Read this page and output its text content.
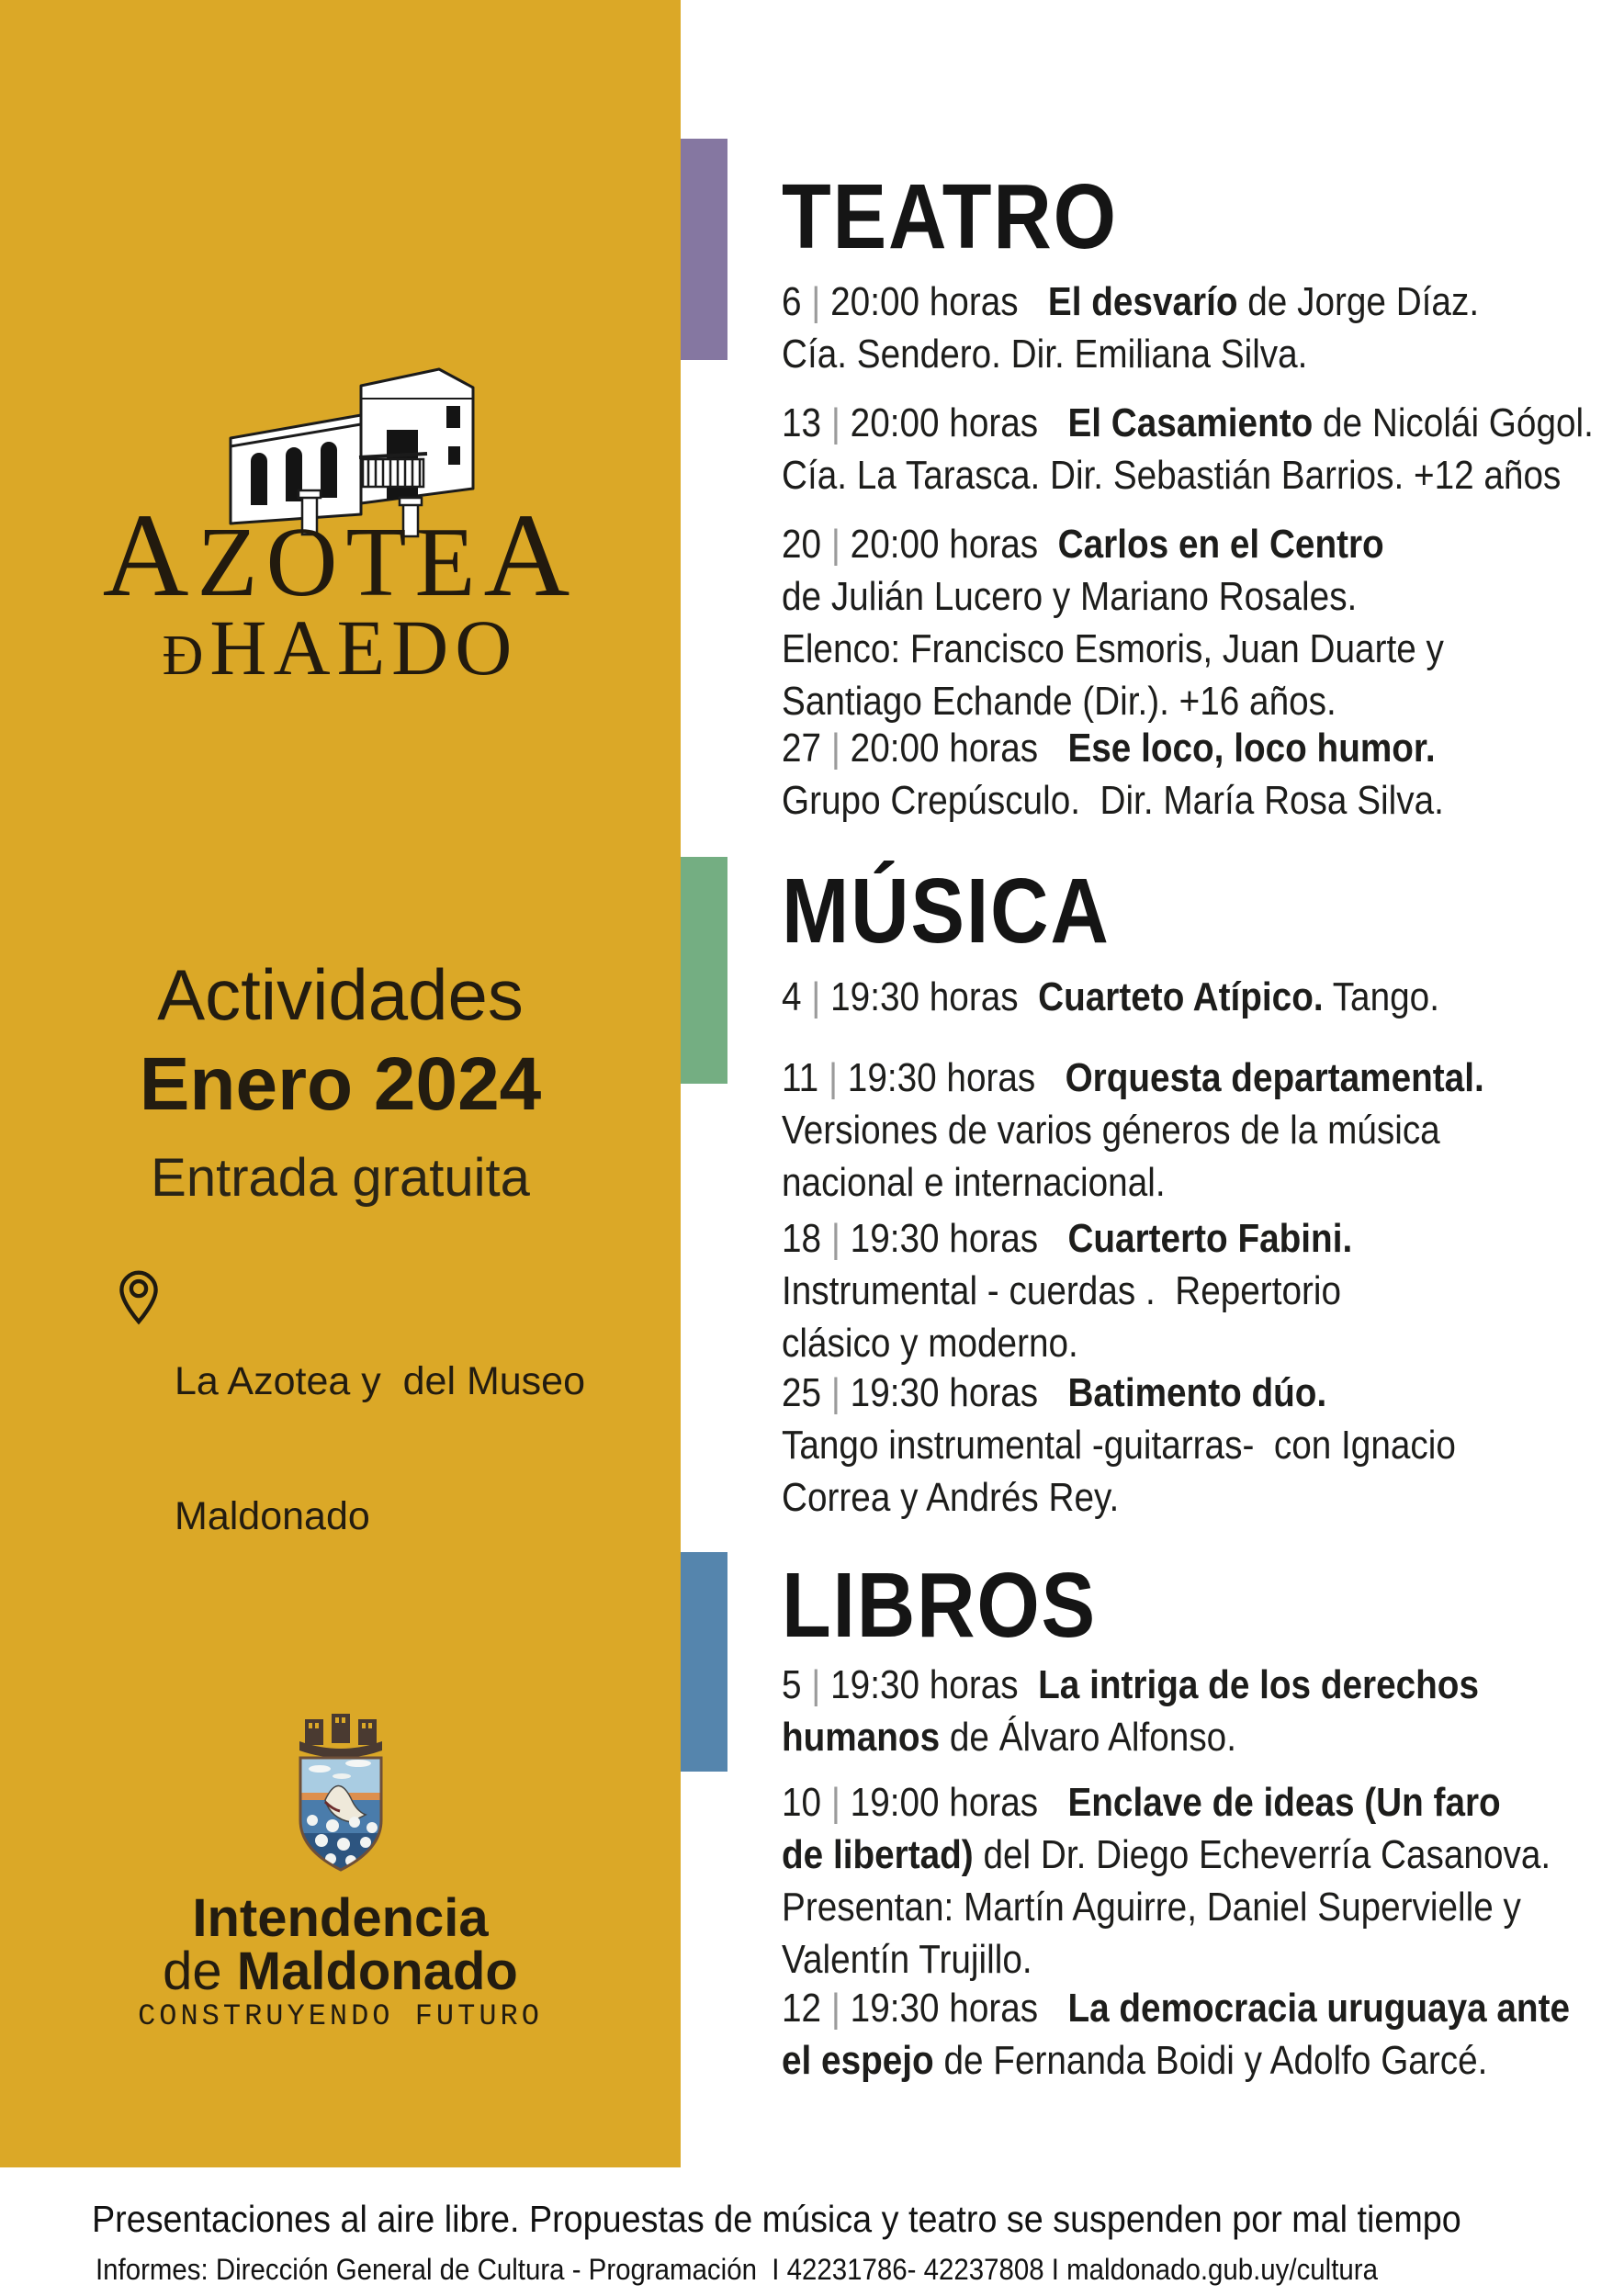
AZOTEA
ĐHAEDO
Actividades
Enero 2024
Entrada gratuita

La Azotea y  del Museo

Maldonado

Intendencia
de Maldonado
CONSTRUYENDO FUTURO
TEATRO
6 | 20:00 horas   El desvarío de Jorge Díaz.
Cía. Sendero. Dir. Emiliana Silva.
13 | 20:00 horas   El Casamiento de Nicolái Gógol.
Cía. La Tarasca. Dir. Sebastián Barrios. +12 años
20 | 20:00 horas  Carlos en el Centro
de Julián Lucero y Mariano Rosales.
Elenco: Francisco Esmoris, Juan Duarte y
Santiago Echande (Dir.). +16 años.
27 | 20:00 horas   Ese loco, loco humor.
Grupo Crepúsculo.  Dir. María Rosa Silva.
MÚSICA
4 | 19:30 horas  Cuarteto Atípico. Tango.
11 | 19:30 horas   Orquesta departamental.
Versiones de varios géneros de la música
nacional e internacional.
18 | 19:30 horas   Cuarterto Fabini.
Instrumental - cuerdas .  Repertorio
clásico y moderno.
25 | 19:30 horas   Batimento dúo.
Tango instrumental -guitarras-  con Ignacio
Correa y Andrés Rey.
LIBROS
5 | 19:30 horas  La intriga de los derechos
humanos de Álvaro Alfonso.
10 | 19:00 horas   Enclave de ideas (Un faro
de libertad) del Dr. Diego Echeverría Casanova.
Presentan: Martín Aguirre, Daniel Supervielle y
Valentín Trujillo.
12 | 19:30 horas   La democracia uruguaya ante
el espejo de Fernanda Boidi y Adolfo Garcé.
Presentaciones al aire libre. Propuestas de música y teatro se suspenden por mal tiempo
Informes: Dirección General de Cultura - Programación  I 42231786- 42237808 I maldonado.gub.uy/cultura
